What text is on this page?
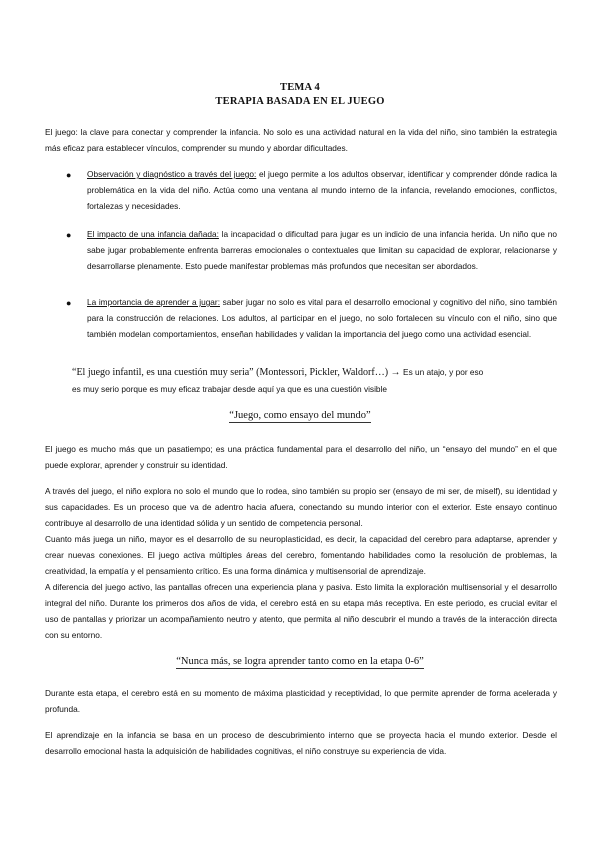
TEMA 4
TERAPIA BASADA EN EL JUEGO
El juego: la clave para conectar y comprender la infancia. No solo es una actividad natural en la vida del niño, sino también la estrategia más eficaz para establecer vínculos, comprender su mundo y abordar dificultades.
● Observación y diagnóstico a través del juego: el juego permite a los adultos observar, identificar y comprender dónde radica la problemática en la vida del niño. Actúa como una ventana al mundo interno de la infancia, revelando emociones, conflictos, fortalezas y necesidades.
● El impacto de una infancia dañada: la incapacidad o dificultad para jugar es un indicio de una infancia herida. Un niño que no sabe jugar probablemente enfrenta barreras emocionales o contextuales que limitan su capacidad de explorar, relacionarse y desarrollarse plenamente. Esto puede manifestar problemas más profundos que necesitan ser abordados.
● La importancia de aprender a jugar: saber jugar no solo es vital para el desarrollo emocional y cognitivo del niño, sino también para la construcción de relaciones. Los adultos, al participar en el juego, no solo fortalecen su vínculo con el niño, sino que también modelan comportamientos, enseñan habilidades y validan la importancia del juego como una actividad esencial.
“El juego infantil, es una cuestión muy seria” (Montessori, Pickler, Waldorf…) → Es un atajo, y por eso
es muy serio porque es muy eficaz trabajar desde aquí ya que es una cuestión visible
“Juego, como ensayo del mundo”
El juego es mucho más que un pasatiempo; es una práctica fundamental para el desarrollo del niño, un “ensayo del mundo” en el que puede explorar, aprender y construir su identidad.
A través del juego, el niño explora no solo el mundo que lo rodea, sino también su propio ser (ensayo de mi ser, de miself), su identidad y sus capacidades. Es un proceso que va de adentro hacia afuera, conectando su mundo interior con el exterior. Este ensayo continuo contribuye al desarrollo de una identidad sólida y un sentido de competencia personal.
Cuanto más juega un niño, mayor es el desarrollo de su neuroplasticidad, es decir, la capacidad del cerebro para adaptarse, aprender y crear nuevas conexiones. El juego activa múltiples áreas del cerebro, fomentando habilidades como la resolución de problemas, la creatividad, la empatía y el pensamiento crítico. Es una forma dinámica y multisensorial de aprendizaje.
A diferencia del juego activo, las pantallas ofrecen una experiencia plana y pasiva. Esto limita la exploración multisensorial y el desarrollo integral del niño. Durante los primeros dos años de vida, el cerebro está en su etapa más receptiva. En este periodo, es crucial evitar el uso de pantallas y priorizar un acompañamiento neutro y atento, que permita al niño descubrir el mundo a través de la interacción directa con su entorno.
“Nunca más, se logra aprender tanto como en la etapa 0-6”
Durante esta etapa, el cerebro está en su momento de máxima plasticidad y receptividad, lo que permite aprender de forma acelerada y profunda.
El aprendizaje en la infancia se basa en un proceso de descubrimiento interno que se proyecta hacia el mundo exterior. Desde el desarrollo emocional hasta la adquisición de habilidades cognitivas, el niño construye su experiencia de vida.
